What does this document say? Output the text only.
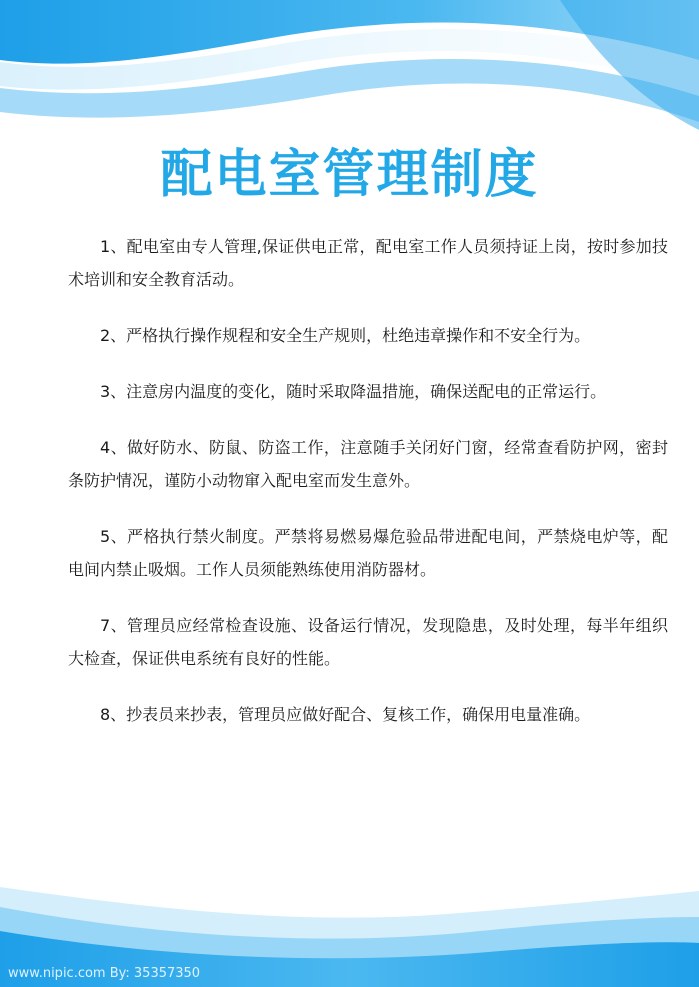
配电室管理制度
1、配电室由专人管理,保证供电正常，配电室工作人员须持证上岗，按时参加技术培训和安全教育活动。
2、严格执行操作规程和安全生产规则，杜绝违章操作和不安全行为。
3、注意房内温度的变化，随时采取降温措施，确保送配电的正常运行。
4、做好防水、防鼠、防盗工作，注意随手关闭好门窗，经常查看防护网，密封条防护情况，谨防小动物窜入配电室而发生意外。
5、严格执行禁火制度。严禁将易燃易爆危验品带进配电间，严禁烧电炉等，配电间内禁止吸烟。工作人员须能熟练使用消防器材。
7、管理员应经常检查设施、设备运行情况，发现隐患，及时处理，每半年组织大检查，保证供电系统有良好的性能。
8、抄表员来抄表，管理员应做好配合、复核工作，确保用电量准确。
www.nipic.com By: 35357350
